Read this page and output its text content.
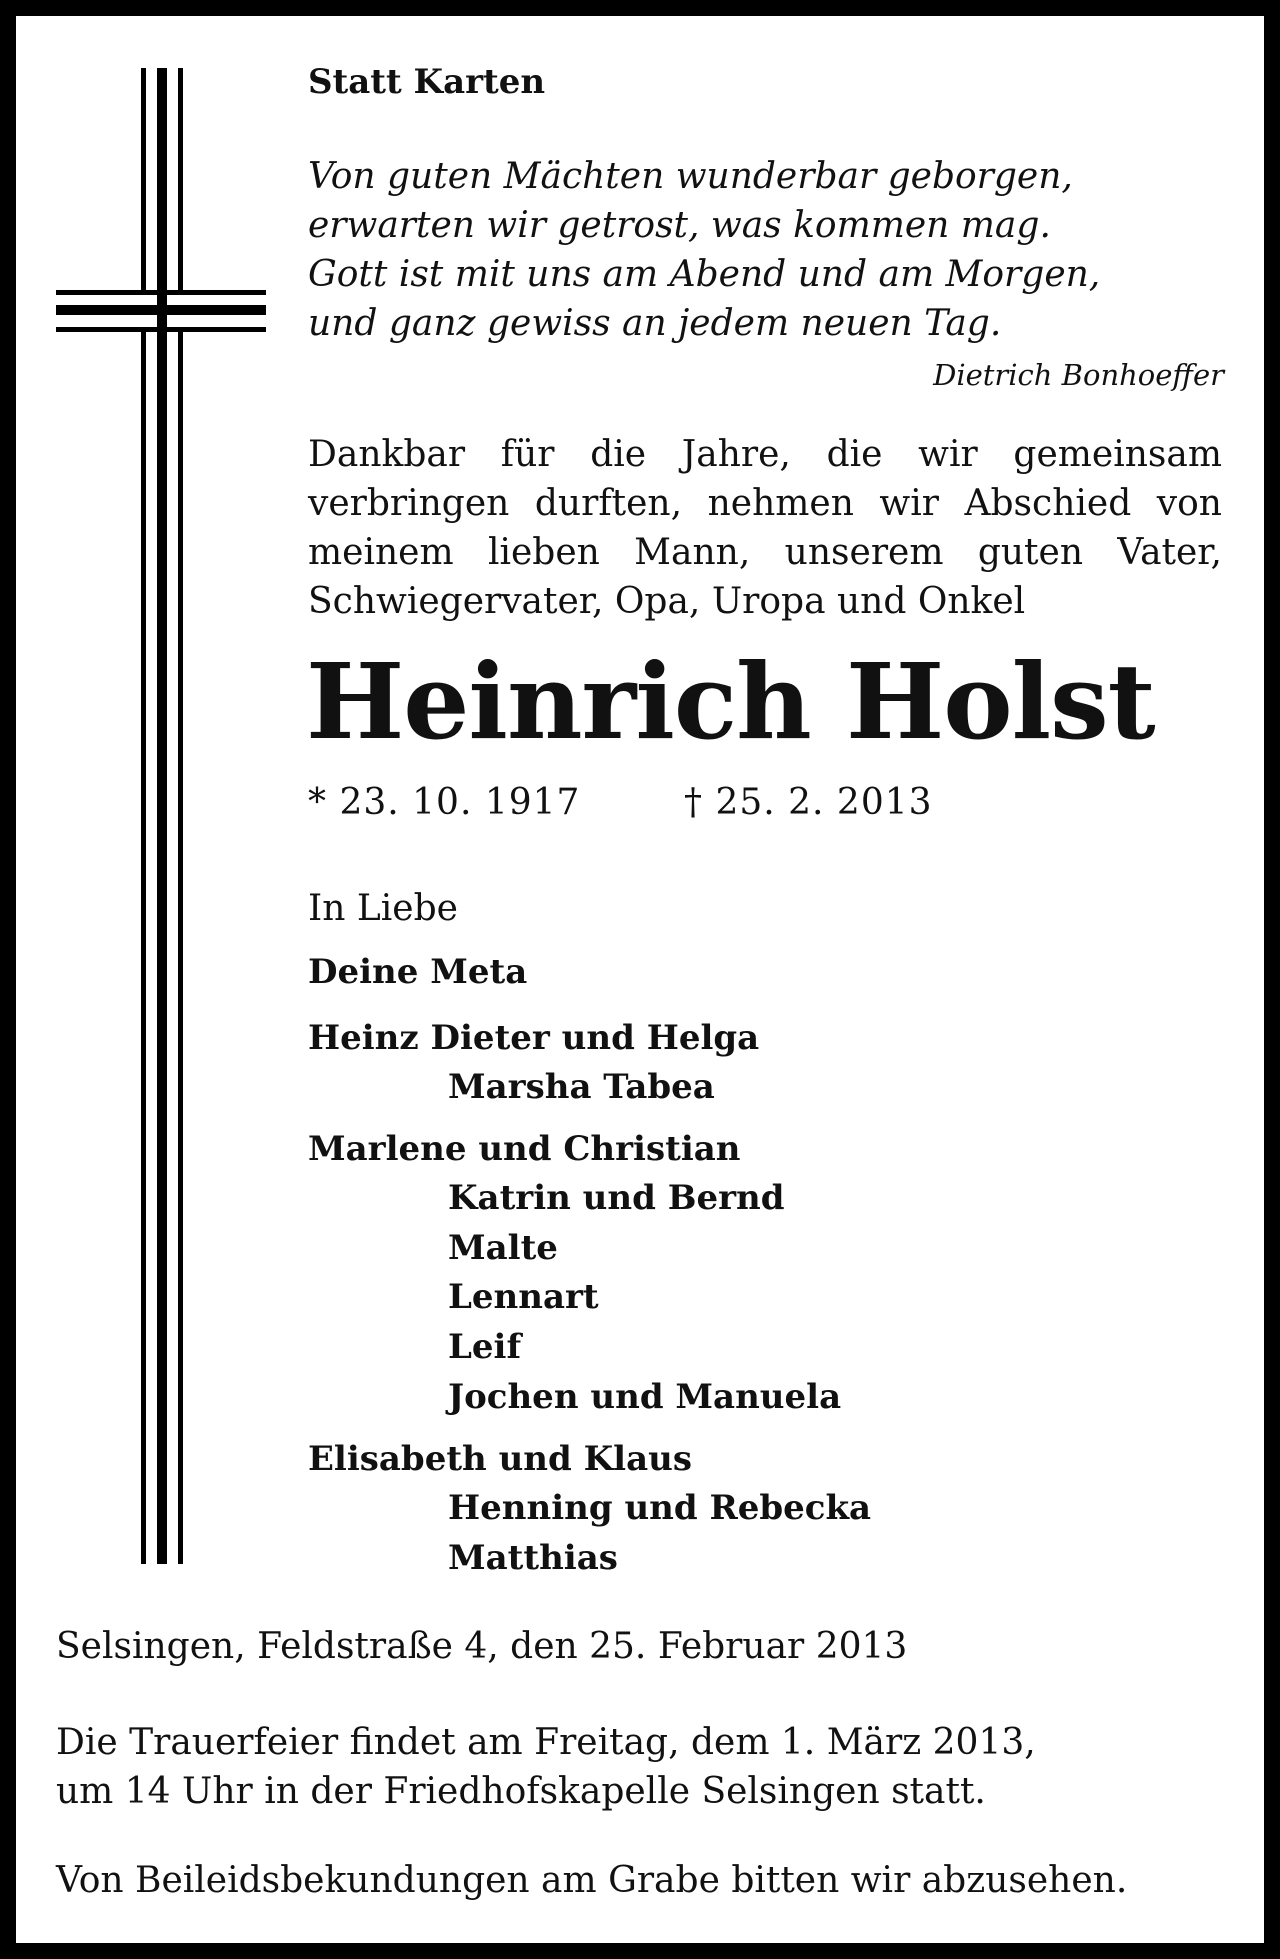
Statt Karten
Von guten Mächten wunderbar geborgen,
erwarten wir getrost, was kommen mag.
Gott ist mit uns am Abend und am Morgen,
und ganz gewiss an jedem neuen Tag.
Dietrich Bonhoeffer
Dankbar für die Jahre, die wir gemeinsam
verbringen durften, nehmen wir Abschied von
meinem lieben Mann, unserem guten Vater,
Schwiegervater, Opa, Uropa und Onkel
Heinrich Holst
* 23. 10. 1917	† 25. 2. 2013
In Liebe
Deine Meta
Heinz Dieter und Helga
Marsha Tabea
Marlene und Christian
Katrin und Bernd
Malte
Lennart
Leif
Jochen und Manuela
Elisabeth und Klaus
Henning und Rebecka
Matthias
Selsingen, Feldstraße 4, den 25. Februar 2013
Die Trauerfeier findet am Freitag, dem 1. März 2013,
um 14 Uhr in der Friedhofskapelle Selsingen statt.
Von Beileidsbekundungen am Grabe bitten wir abzusehen.
